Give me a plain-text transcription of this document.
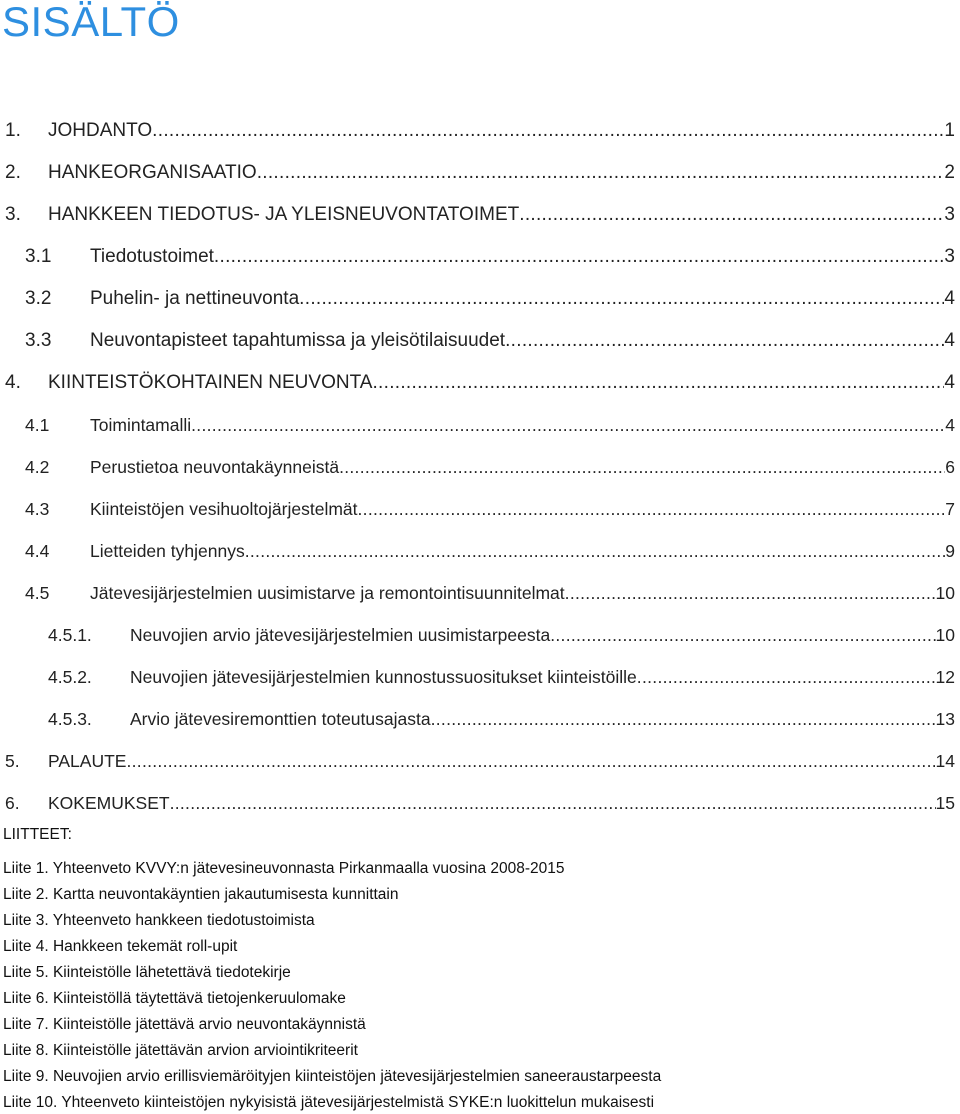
SISÄLTÖ
1. JOHDANTO .....	1
2. HANKEORGANISAATIO .....	2
3. HANKKEEN TIEDOTUS- JA YLEISNEUVONTATOIMET .....	3
3.1 Tiedotustoimet .....	3
3.2 Puhelin- ja nettineuvonta .....	4
3.3 Neuvontapisteet tapahtumissa ja yleisötilaisuudet .....	4
4. KIINTEISTÖKOHTAINEN NEUVONTA .....	4
4.1 Toimintamalli .....	4
4.2 Perustietoa neuvontakäynneistä .....	6
4.3 Kiinteistöjen vesihuoltojärjestelmät .....	7
4.4 Lietteiden tyhjennys .....	9
4.5 Jätevesijärjestelmien uusimistarve ja remontointisuunnitelmat .....	10
4.5.1. Neuvojien arvio jätevesijärjestelmien uusimistarpeesta .....	10
4.5.2. Neuvojien jätevesijärjestelmien kunnostussuositukset kiinteistöille .....	12
4.5.3. Arvio jätevesiremonttien toteutusajasta .....	13
5. PALAUTE .....	14
6. KOKEMUKSET .....	15
LIITTEET:
Liite 1. Yhteenveto KVVY:n jätevesineuvonnasta Pirkanmaalla vuosina 2008-2015
Liite 2. Kartta neuvontakäyntien jakautumisesta kunnittain
Liite 3. Yhteenveto hankkeen tiedotustoimista
Liite 4. Hankkeen tekemät roll-upit
Liite 5. Kiinteistölle lähetettävä tiedotekirje
Liite 6. Kiinteistöllä täytettävä tietojenkeruulomake
Liite 7. Kiinteistölle jätettävä arvio neuvontakäynnistä
Liite 8. Kiinteistölle jätettävän arvion arviointikriteerit
Liite 9. Neuvojien arvio erillisviemäröityjen kiinteistöjen jätevesijärjestelmien saneeraustarpeesta
Liite 10. Yhteenveto kiinteistöjen nykyisistä jätevesijärjestelmistä SYKE:n luokittelun mukaisesti
